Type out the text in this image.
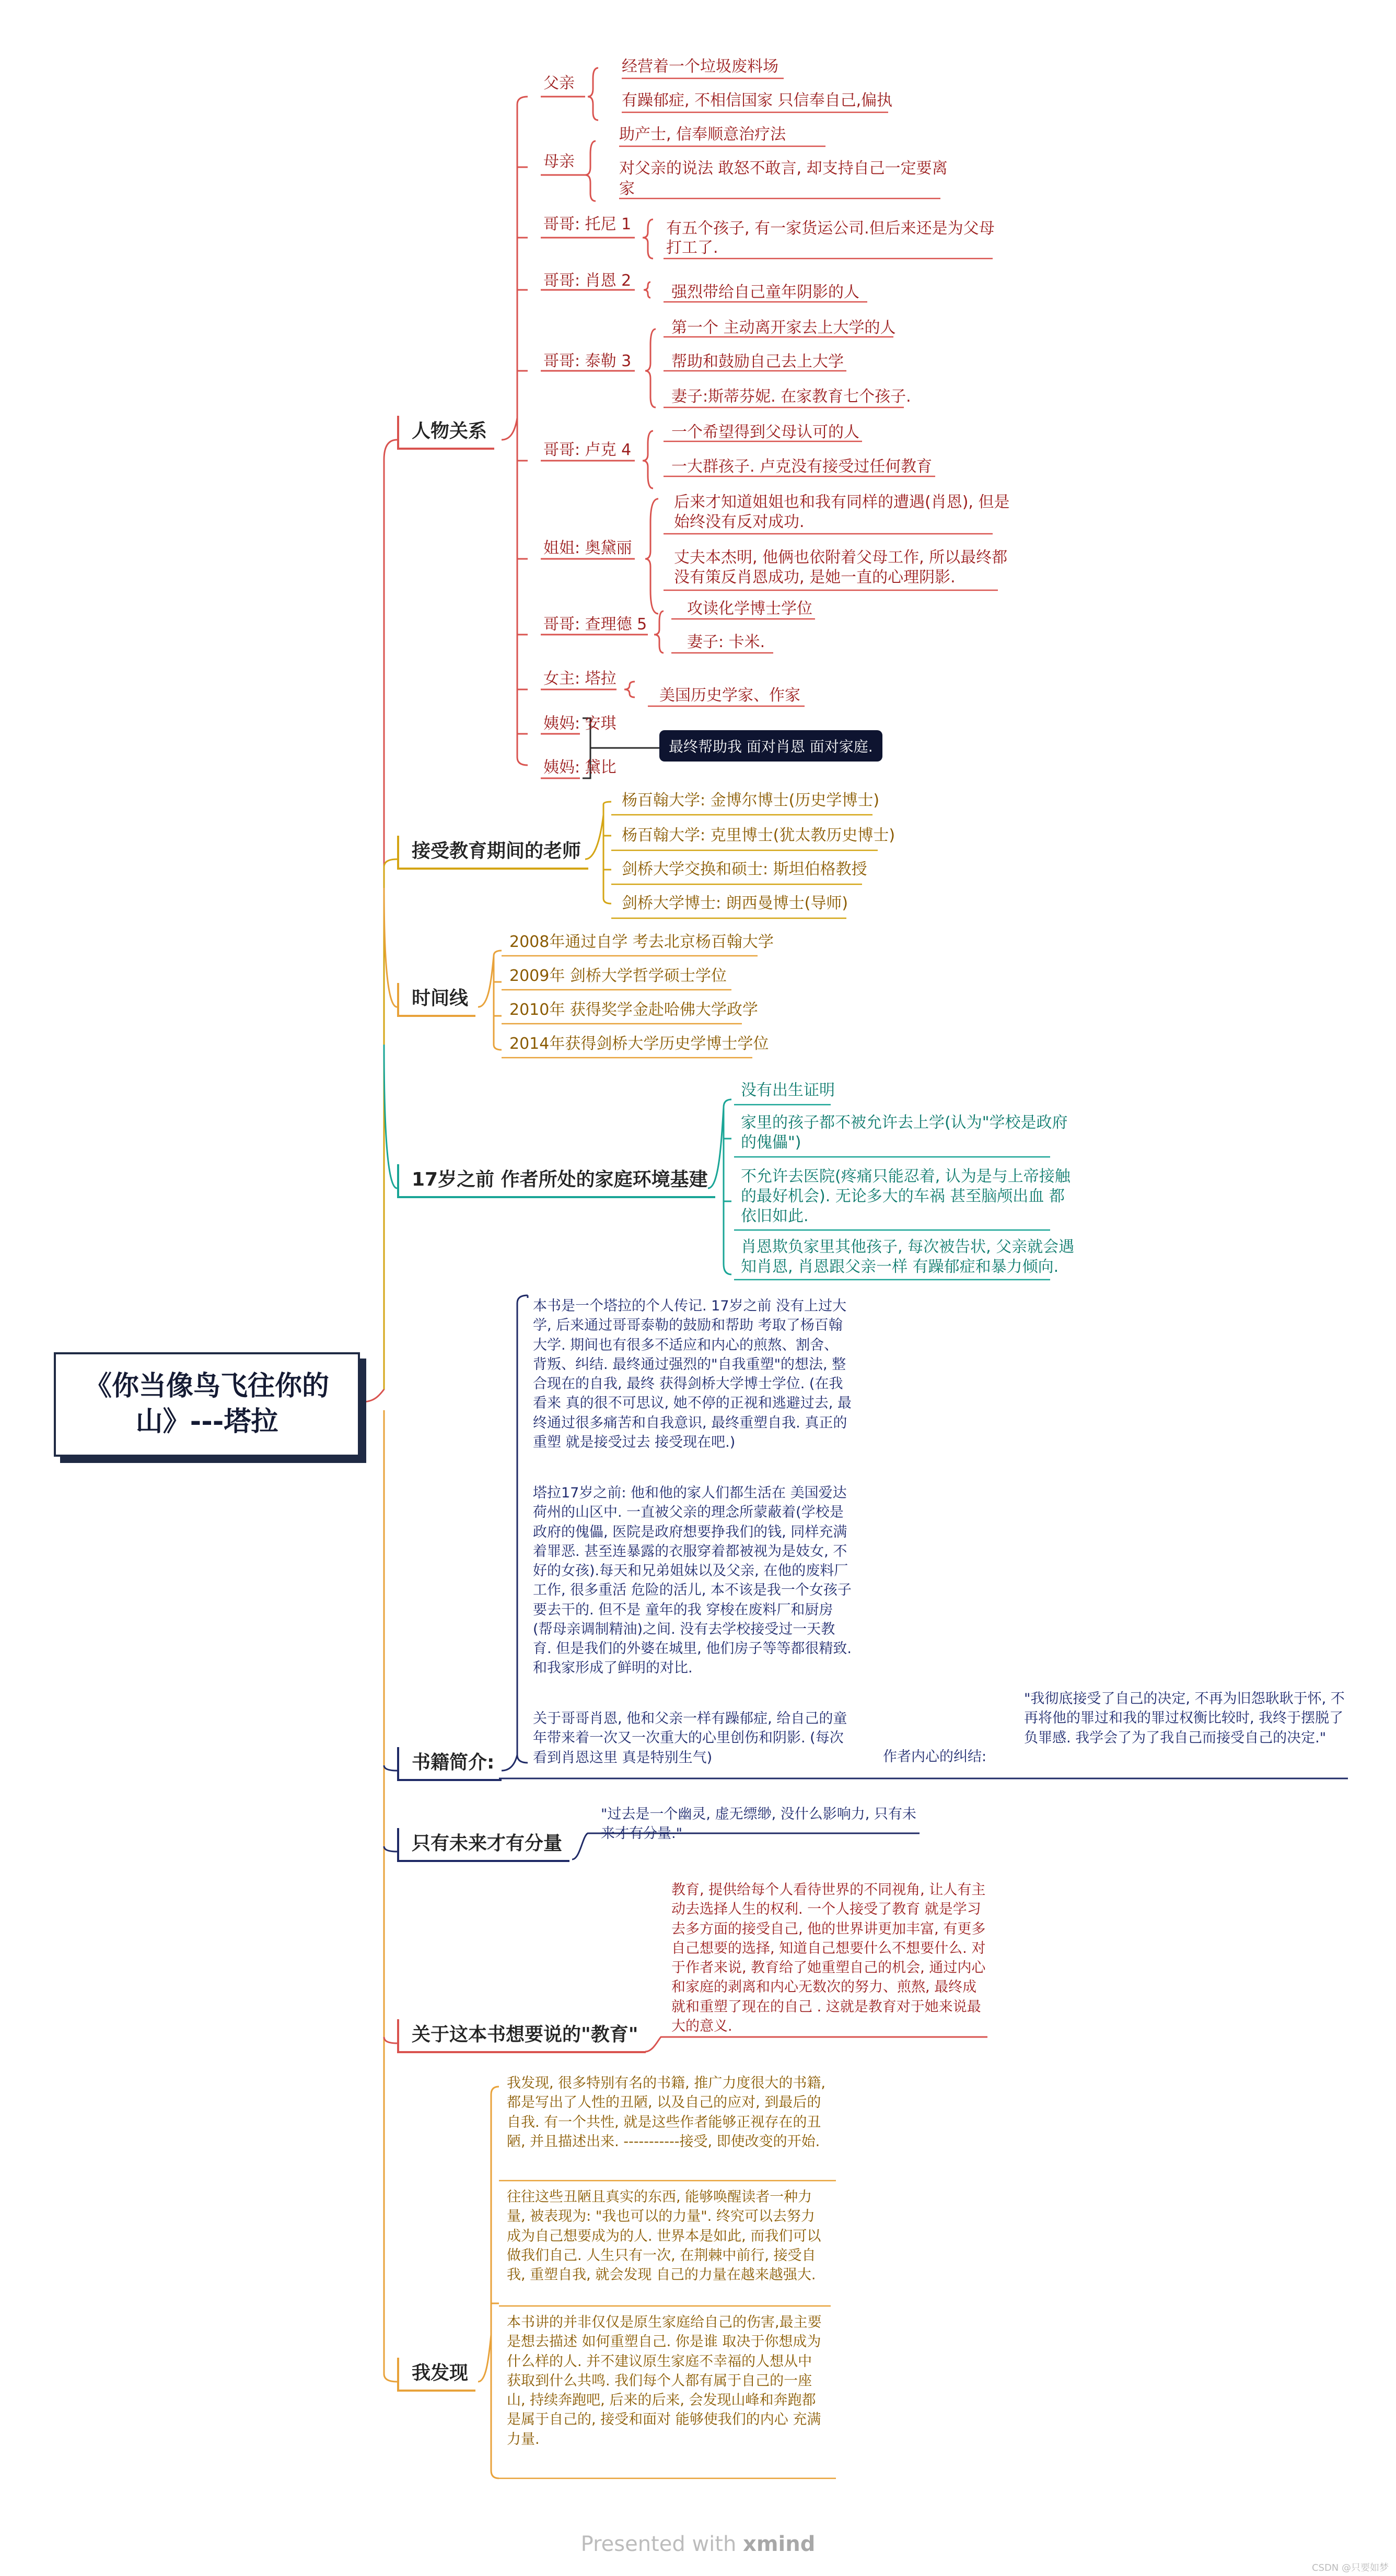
《你当像鸟飞往你的
山》---塔拉
人物关系
接受教育期间的老师
时间线
17岁之前 作者所处的家庭环境基建
书籍简介:
只有未来才有分量
关于这本书想要说的"教育"
我发现
父亲
经营着一个垃圾废料场
有躁郁症, 不相信国家 只信奉自己,偏执
母亲
助产士, 信奉顺意治疗法
对父亲的说法 敢怒不敢言, 却支持自己一定要离
家
哥哥: 托尼 1 有五个孩子, 有一家货运公司.但后来还是为父母
打工了.
哥哥: 肖恩 2
强烈带给自己童年阴影的人
哥哥: 泰勒 3
第一个 主动离开家去上大学的人
帮助和鼓励自己去上大学
妻子:斯蒂芬妮. 在家教育七个孩子.
哥哥: 卢克 4
一个希望得到父母认可的人
一大群孩子. 卢克没有接受过任何教育
姐姐: 奥黛丽
后来才知道姐姐也和我有同样的遭遇(肖恩), 但是
始终没有反对成功.
丈夫本杰明, 他俩也依附着父母工作, 所以最终都
没有策反肖恩成功, 是她一直的心理阴影.
哥哥: 查理德 5
攻读化学博士学位
妻子: 卡米.
女主: 塔拉
美国历史学家、作家
姨妈: 安琪
姨妈: 黛比
最终帮助我 面对肖恩 面对家庭.
杨百翰大学: 金博尔博士(历史学博士)
杨百翰大学: 克里博士(犹太教历史博士)
剑桥大学交换和硕士: 斯坦伯格教授
剑桥大学博士: 朗西曼博士(导师)
2008年通过自学 考去北京杨百翰大学
2009年 剑桥大学哲学硕士学位
2010年 获得奖学金赴哈佛大学政学
2014年获得剑桥大学历史学博士学位
没有出生证明
家里的孩子都不被允许去上学(认为"学校是政府
的傀儡")
不允许去医院(疼痛只能忍着, 认为是与上帝接触
的最好机会). 无论多大的车祸 甚至脑颅出血 都
依旧如此.
肖恩欺负家里其他孩子, 每次被告状, 父亲就会遇
知肖恩, 肖恩跟父亲一样 有躁郁症和暴力倾向.
本书是一个塔拉的个人传记. 17岁之前 没有上过大学, 后来通过哥哥泰勒的鼓励和帮助 考取了杨百翰大学. 期间也有很多不适应和内心的煎熬、割舍、背叛、纠结. 最终通过强烈的"自我重塑"的想法, 整合现在的自我, 最终 获得剑桥大学博士学位. (在我看来 真的很不可思议, 她不停的正视和逃避过去, 最终通过很多痛苦和自我意识, 最终重塑自我. 真正的重塑 就是接受过去 接受现在吧.)
塔拉17岁之前: 他和他的家人们都生活在 美国爱达荷州的山区中. 一直被父亲的理念所蒙蔽着(学校是政府的傀儡, 医院是政府想要挣我们的钱, 同样充满着罪恶. 甚至连暴露的衣服穿着都被视为是妓女, 不好的女孩).每天和兄弟姐妹以及父亲, 在他的废料厂工作, 很多重活 危险的活儿, 本不该是我一个女孩子要去干的. 但不是 童年的我 穿梭在废料厂和厨房(帮母亲调制精油)之间. 没有去学校接受过一天教育. 但是我们的外婆在城里, 他们房子等等都很精致. 和我家形成了鲜明的对比.
关于哥哥肖恩, 他和父亲一样有躁郁症, 给自己的童年带来着一次又一次重大的心里创伤和阴影. (每次看到肖恩这里 真是特别生气)	作者内心的纠结:
"我彻底接受了自己的决定, 不再为旧怨耿耿于怀, 不再将他的罪过和我的罪过权衡比较时, 我终于摆脱了负罪感. 我学会了为了我自己而接受自己的决定."
"过去是一个幽灵, 虚无缥缈, 没什么影响力, 只有未来才有分量."
教育, 提供给每个人看待世界的不同视角, 让人有主动去选择人生的权利. 一个人接受了教育 就是学习去多方面的接受自己, 他的世界讲更加丰富, 有更多自己想要的选择, 知道自己想要什么不想要什么. 对于作者来说, 教育给了她重塑自己的机会, 通过内心和家庭的剥离和内心无数次的努力、煎熬, 最终成就和重塑了现在的自己 . 这就是教育对于她来说最大的意义.
我发现, 很多特别有名的书籍, 推广力度很大的书籍, 都是写出了人性的丑陋, 以及自己的应对, 到最后的自我. 有一个共性, 就是这些作者能够正视存在的丑陋, 并且描述出来. -----------接受, 即使改变的开始.
往往这些丑陋且真实的东西, 能够唤醒读者一种力量, 被表现为: "我也可以的力量". 终究可以去努力成为自己想要成为的人. 世界本是如此, 而我们可以做我们自己. 人生只有一次, 在荆棘中前行, 接受自我, 重塑自我, 就会发现 自己的力量在越来越强大.
本书讲的并非仅仅是原生家庭给自己的伤害,最主要是想去描述 如何重塑自己. 你是谁 取决于你想成为什么样的人. 并不建议原生家庭不幸福的人想从中获取到什么共鸣. 我们每个人都有属于自己的一座山, 持续奔跑吧, 后来的后来, 会发现山峰和奔跑都是属于自己的, 接受和面对 能够使我们的内心 充满力量.
Presented with xmind
CSDN @只要如梦
